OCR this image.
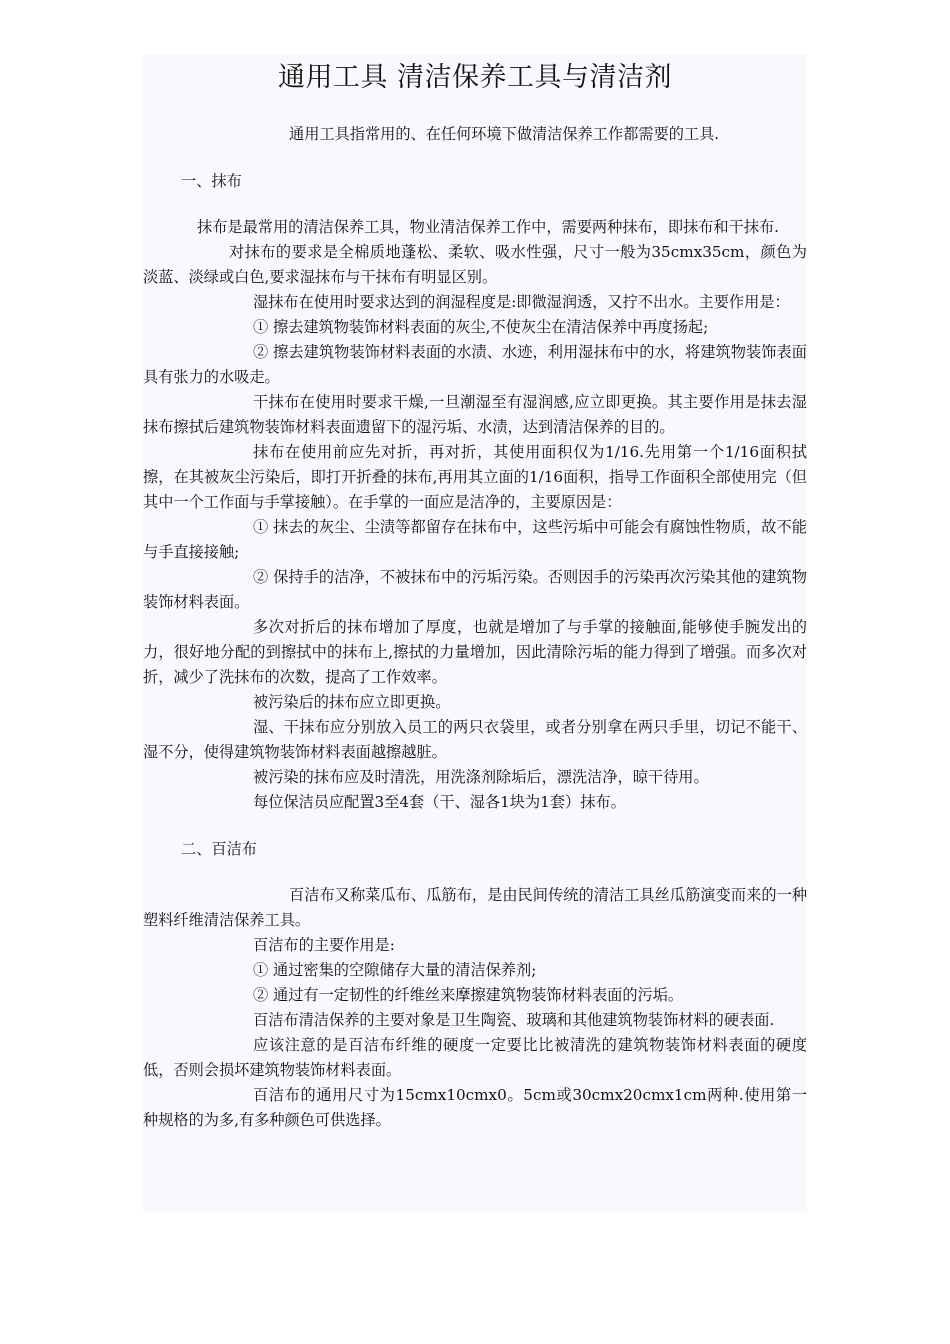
通用工具 清洁保养工具与清洁剂

通用工具指常用的、在任何环境下做清洁保养工作都需要的工具.

一、抹布

抹布是最常用的清洁保养工具，物业清洁保养工作中，需要两种抹布，即抹布和干抹布.

对抹布的要求是全棉质地蓬松、柔软、吸水性强，尺寸一般为35cmx35cm，颜色为淡蓝、淡绿或白色,要求湿抹布与干抹布有明显区别。

湿抹布在使用时要求达到的润湿程度是:即微湿润透，又拧不出水。主要作用是：

① 擦去建筑物装饰材料表面的灰尘,不使灰尘在清洁保养中再度扬起;

② 擦去建筑物装饰材料表面的水渍、水迹，利用湿抹布中的水，将建筑物装饰表面具有张力的水吸走。

干抹布在使用时要求干燥,一旦潮湿至有湿润感,应立即更换。其主要作用是抹去湿抹布擦拭后建筑物装饰材料表面遗留下的湿污垢、水渍，达到清洁保养的目的。

抹布在使用前应先对折，再对折，其使用面积仅为1/16.先用第一个1/16面积拭擦，在其被灰尘污染后，即打开折叠的抹布,再用其立面的1/16面积，指导工作面积全部使用完（但其中一个工作面与手掌接触）。在手掌的一面应是洁净的，主要原因是：

① 抹去的灰尘、尘渍等都留存在抹布中，这些污垢中可能会有腐蚀性物质，故不能与手直接接触;

② 保持手的洁净，不被抹布中的污垢污染。否则因手的污染再次污染其他的建筑物装饰材料表面。

多次对折后的抹布增加了厚度，也就是增加了与手掌的接触面,能够使手腕发出的力，很好地分配的到擦拭中的抹布上,擦拭的力量增加，因此清除污垢的能力得到了增强。而多次对折，减少了洗抹布的次数，提高了工作效率。

被污染后的抹布应立即更换。

湿、干抹布应分别放入员工的两只衣袋里，或者分别拿在两只手里，切记不能干、湿不分，使得建筑物装饰材料表面越擦越脏。

被污染的抹布应及时清洗，用洗涤剂除垢后，漂洗洁净，晾干待用。

每位保洁员应配置3至4套（干、湿各1块为1套）抹布。

二、百洁布

百洁布又称菜瓜布、瓜筋布，是由民间传统的清洁工具丝瓜筋演变而来的一种塑料纤维清洁保养工具。

百洁布的主要作用是:

① 通过密集的空隙储存大量的清洁保养剂;

② 通过有一定韧性的纤维丝来摩擦建筑物装饰材料表面的污垢。

百洁布清洁保养的主要对象是卫生陶瓷、玻璃和其他建筑物装饰材料的硬表面.

应该注意的是百洁布纤维的硬度一定要比比被清洗的建筑物装饰材料表面的硬度低，否则会损坏建筑物装饰材料表面。

百洁布的通用尺寸为15cmx10cmx0。5cm或30cmx20cmx1cm两种.使用第一种规格的为多,有多种颜色可供选择。
